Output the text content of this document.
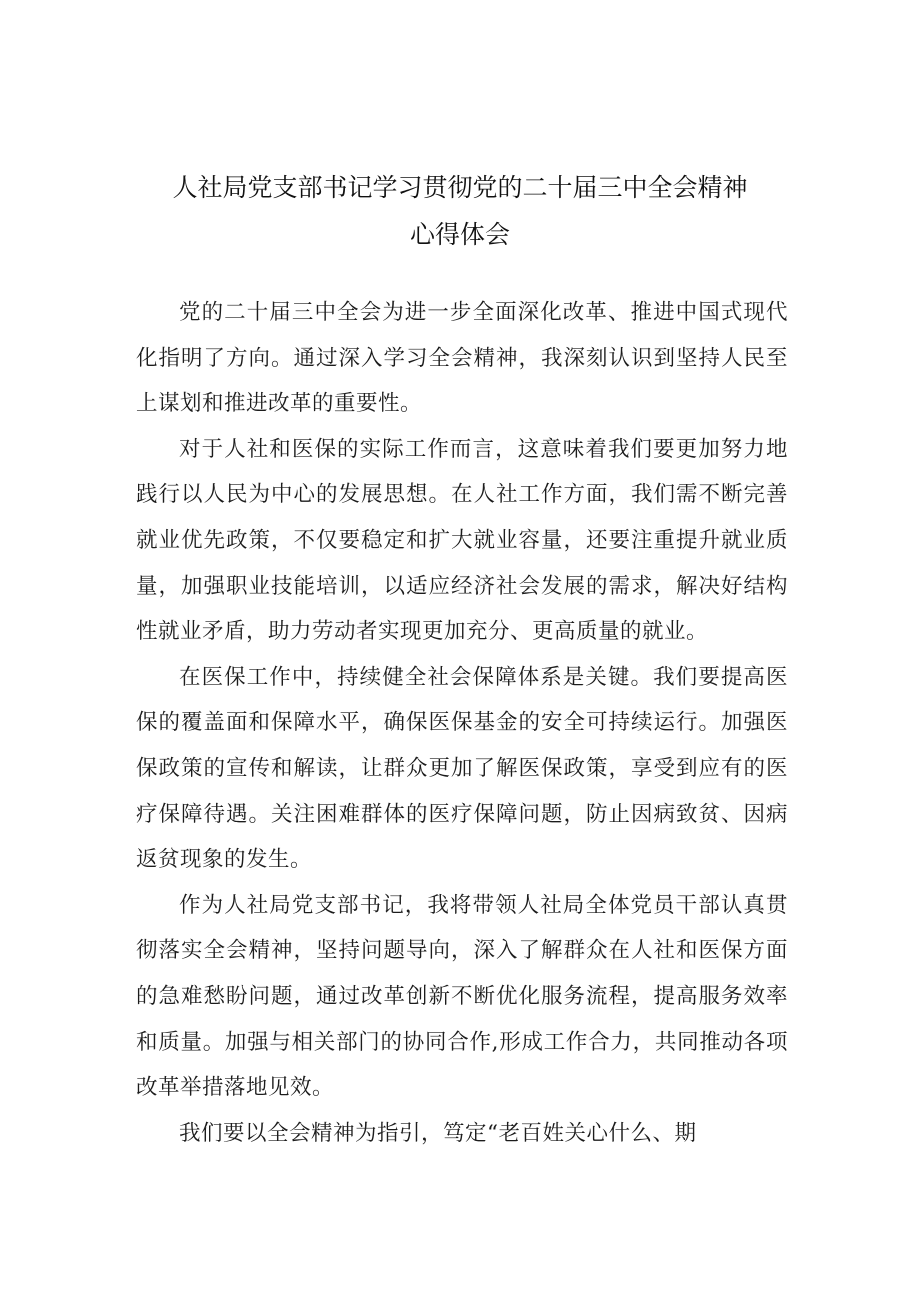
人社局党支部书记学习贯彻党的二十届三中全会精神
心得体会

党的二十届三中全会为进一步全面深化改革、推进中国式现代化指明了方向。通过深入学习全会精神，我深刻认识到坚持人民至上谋划和推进改革的重要性。

对于人社和医保的实际工作而言，这意味着我们要更加努力地践行以人民为中心的发展思想。在人社工作方面，我们需不断完善就业优先政策，不仅要稳定和扩大就业容量，还要注重提升就业质量，加强职业技能培训，以适应经济社会发展的需求，解决好结构性就业矛盾，助力劳动者实现更加充分、更高质量的就业。

在医保工作中，持续健全社会保障体系是关键。我们要提高医保的覆盖面和保障水平，确保医保基金的安全可持续运行。加强医保政策的宣传和解读，让群众更加了解医保政策，享受到应有的医疗保障待遇。关注困难群体的医疗保障问题，防止因病致贫、因病返贫现象的发生。

作为人社局党支部书记，我将带领人社局全体党员干部认真贯彻落实全会精神，坚持问题导向，深入了解群众在人社和医保方面的急难愁盼问题，通过改革创新不断优化服务流程，提高服务效率和质量。加强与相关部门的协同合作,形成工作合力，共同推动各项改革举措落地见效。

我们要以全会精神为指引，笃定“老百姓关心什么、期
